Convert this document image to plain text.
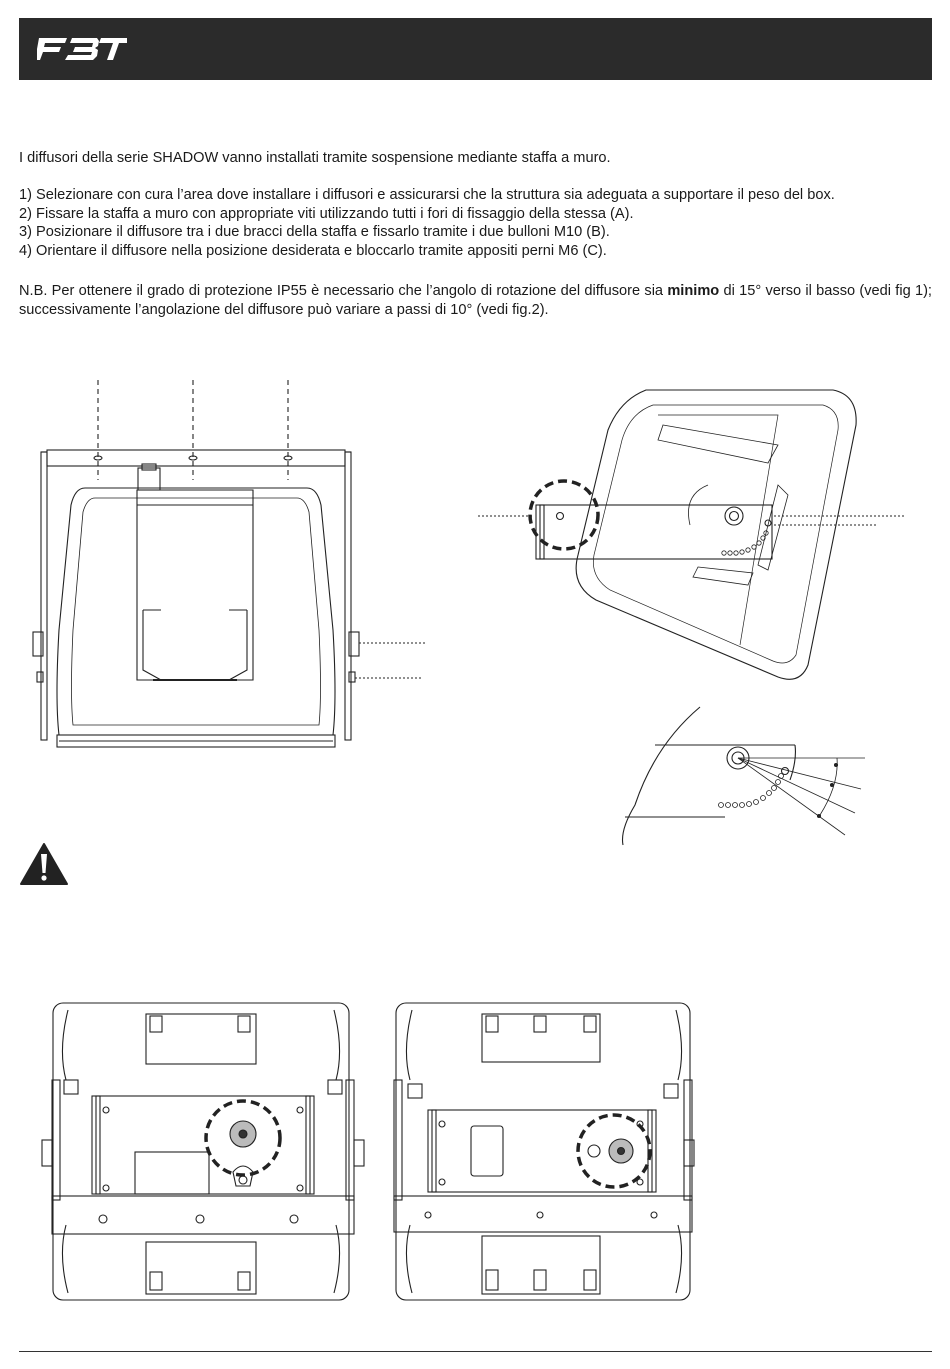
I diffusori della serie SHADOW vanno installati tramite sospensione mediante staffa a muro.
1) Selezionare con cura l’area dove installare i diffusori e assicurarsi che la struttura sia adeguata a supportare il peso del box.
2) Fissare la staffa a muro con appropriate viti utilizzando tutti i fori di fissaggio della stessa (A).
3) Posizionare il diffusore tra i due bracci della staffa e fissarlo tramite i due bulloni M10 (B).
4) Orientare il diffusore nella posizione desiderata e bloccarlo tramite appositi perni M6 (C).
N.B. Per ottenere il grado di protezione IP55 è necessario che l’angolo di rotazione del diffusore sia minimo di 15° verso il basso (vedi fig 1); successivamente l’angolazione del diffusore può variare a passi di 10° (vedi fig.2).
